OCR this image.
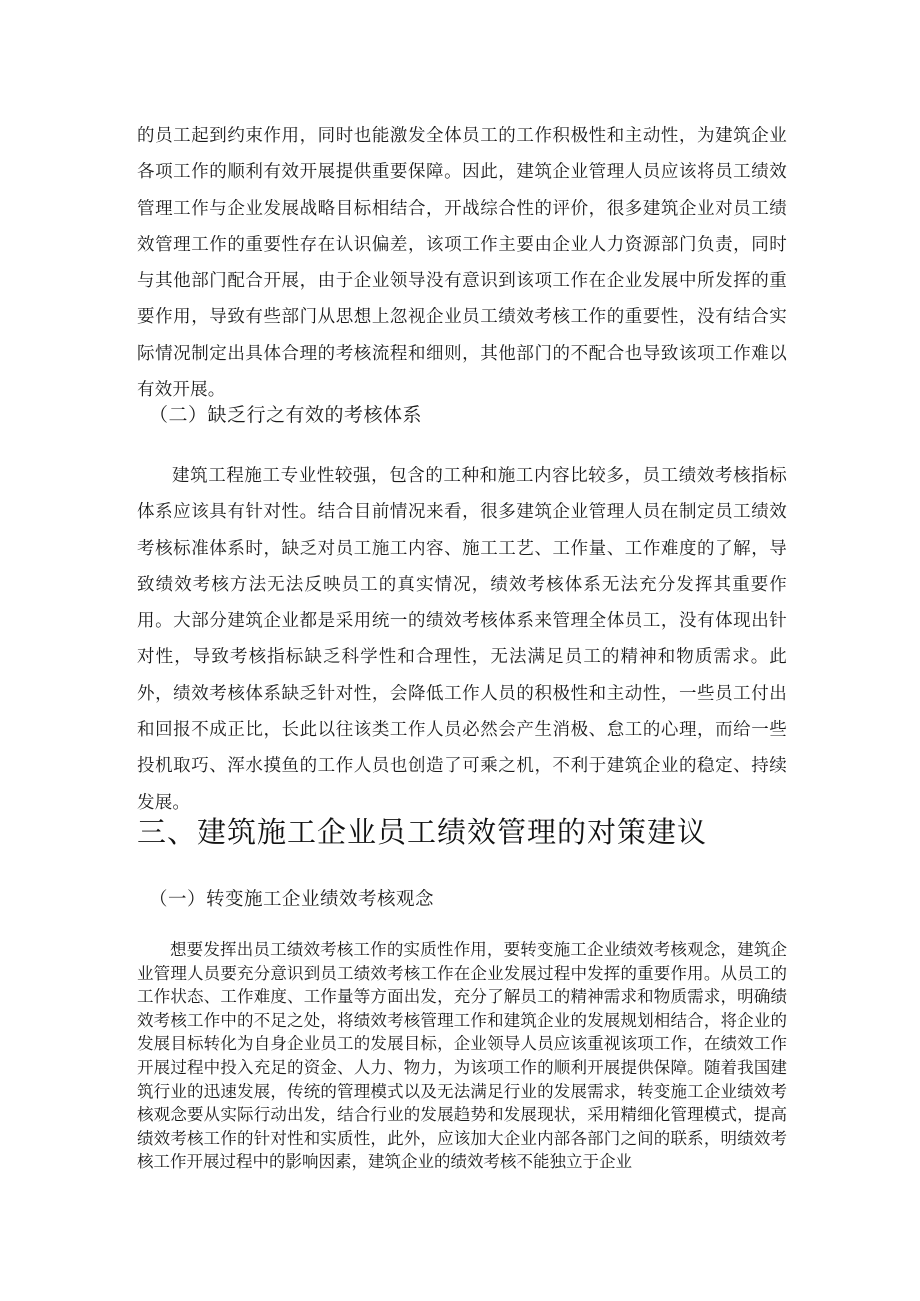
的员工起到约束作用，同时也能激发全体员工的工作积极性和主动性，为建筑企业各项工作的顺利有效开展提供重要保障。因此，建筑企业管理人员应该将员工绩效管理工作与企业发展战略目标相结合，开战综合性的评价，很多建筑企业对员工绩效管理工作的重要性存在认识偏差，该项工作主要由企业人力资源部门负责，同时与其他部门配合开展，由于企业领导没有意识到该项工作在企业发展中所发挥的重要作用，导致有些部门从思想上忽视企业员工绩效考核工作的重要性，没有结合实际情况制定出具体合理的考核流程和细则，其他部门的不配合也导致该项工作难以有效开展。

（二）缺乏行之有效的考核体系

建筑工程施工专业性较强，包含的工种和施工内容比较多，员工绩效考核指标体系应该具有针对性。结合目前情况来看，很多建筑企业管理人员在制定员工绩效考核标准体系时，缺乏对员工施工内容、施工工艺、工作量、工作难度的了解，导致绩效考核方法无法反映员工的真实情况，绩效考核体系无法充分发挥其重要作用。大部分建筑企业都是采用统一的绩效考核体系来管理全体员工，没有体现出针对性，导致考核指标缺乏科学性和合理性，无法满足员工的精神和物质需求。此外，绩效考核体系缺乏针对性，会降低工作人员的积极性和主动性，一些员工付出和回报不成正比，长此以往该类工作人员必然会产生消极、怠工的心理，而给一些投机取巧、浑水摸鱼的工作人员也创造了可乘之机，不利于建筑企业的稳定、持续发展。

三、建筑施工企业员工绩效管理的对策建议
（一）转变施工企业绩效考核观念

想要发挥出员工绩效考核工作的实质性作用，要转变施工企业绩效考核观念，建筑企业管理人员要充分意识到员工绩效考核工作在企业发展过程中发挥的重要作用。从员工的工作状态、工作难度、工作量等方面出发，充分了解员工的精神需求和物质需求，明确绩效考核工作中的不足之处，将绩效考核管理工作和建筑企业的发展规划相结合，将企业的发展目标转化为自身企业员工的发展目标，企业领导人员应该重视该项工作，在绩效工作开展过程中投入充足的资金、人力、物力，为该项工作的顺利开展提供保障。随着我国建筑行业的迅速发展，传统的管理模式以及无法满足行业的发展需求，转变施工企业绩效考核观念要从实际行动出发，结合行业的发展趋势和发展现状，采用精细化管理模式，提高绩效考核工作的针对性和实质性，此外，应该加大企业内部各部门之间的联系，明绩效考核工作开展过程中的影响因素，建筑企业的绩效考核不能独立于企业
